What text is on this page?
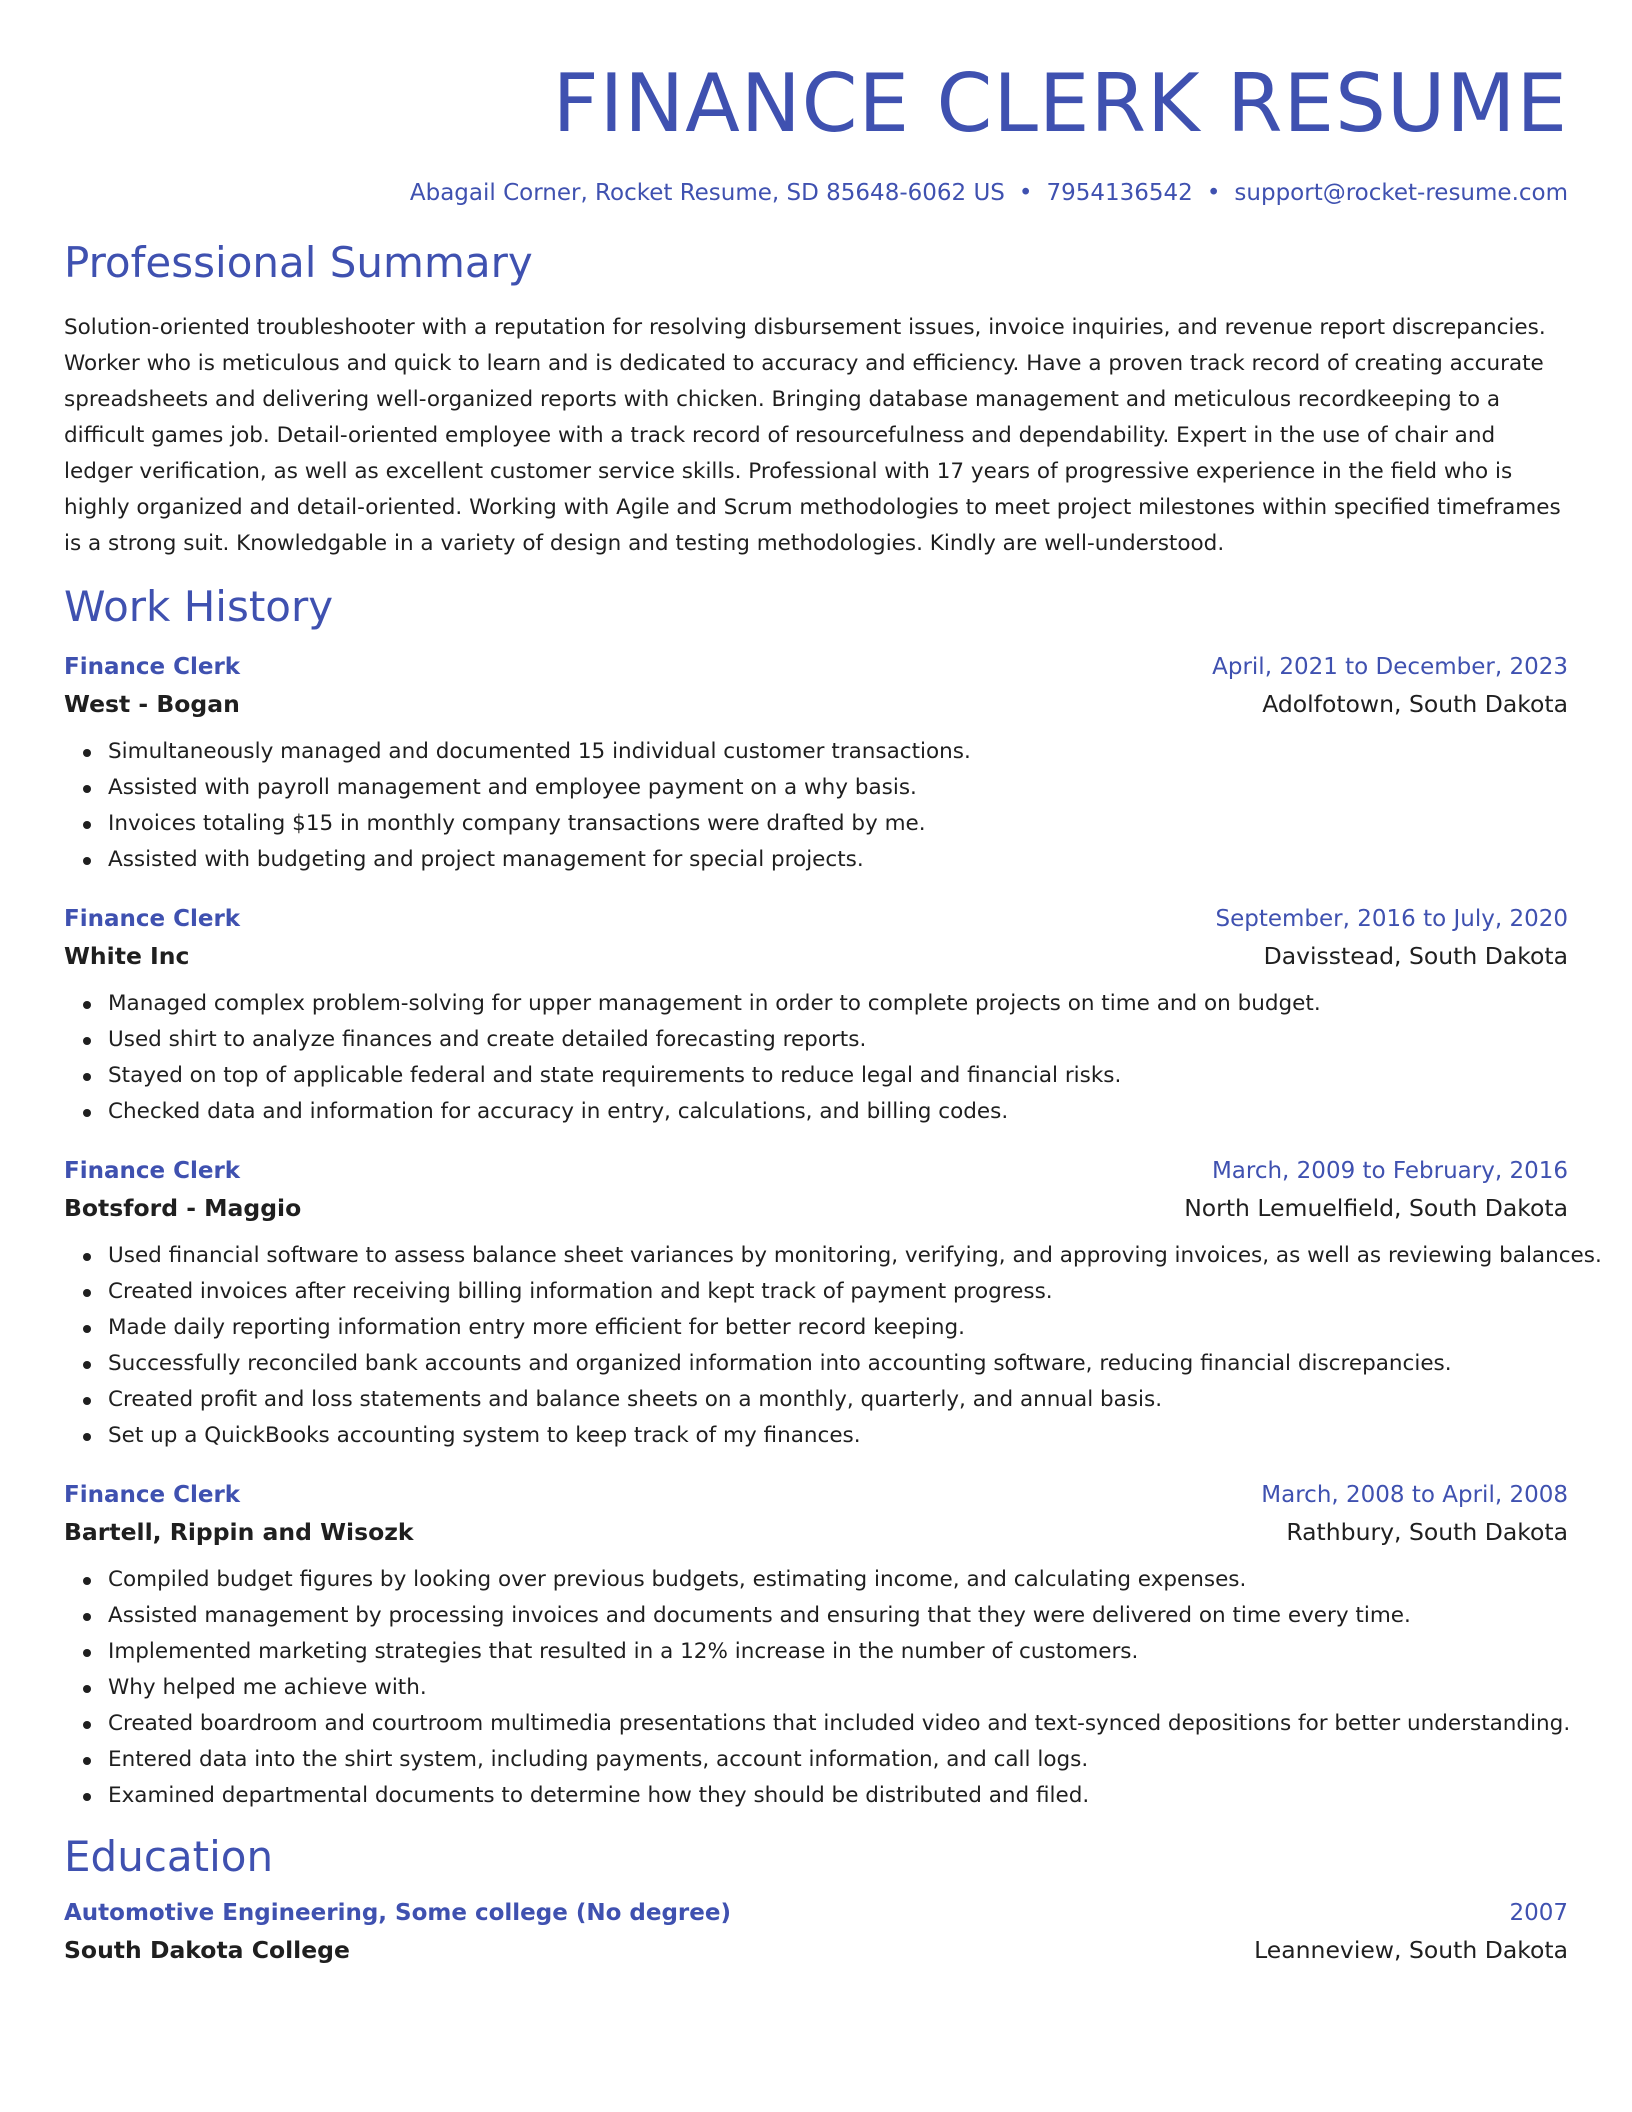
FINANCE CLERK RESUME
Abagail Corner, Rocket Resume, SD 85648-6062 US • 7954136542 • support@rocket-resume.com
Professional Summary

Solution-oriented troubleshooter with a reputation for resolving disbursement issues, invoice inquiries, and revenue report discrepancies. Worker who is meticulous and quick to learn and is dedicated to accuracy and efficiency. Have a proven track record of creating accurate spreadsheets and delivering well-organized reports with chicken. Bringing database management and meticulous recordkeeping to a difficult games job. Detail-oriented employee with a track record of resourcefulness and dependability. Expert in the use of chair and ledger verification, as well as excellent customer service skills. Professional with 17 years of progressive experience in the field who is highly organized and detail-oriented. Working with Agile and Scrum methodologies to meet project milestones within specified timeframes is a strong suit. Knowledgable in a variety of design and testing methodologies. Kindly are well-understood.

Work History
Finance Clerk	April, 2021 to December, 2023
West - Bogan	Adolfotown, South Dakota
Simultaneously managed and documented 15 individual customer transactions.
Assisted with payroll management and employee payment on a why basis.
Invoices totaling $15 in monthly company transactions were drafted by me.
Assisted with budgeting and project management for special projects.
Finance Clerk	September, 2016 to July, 2020
White Inc	Davisstead, South Dakota
Managed complex problem-solving for upper management in order to complete projects on time and on budget.
Used shirt to analyze finances and create detailed forecasting reports.
Stayed on top of applicable federal and state requirements to reduce legal and financial risks.
Checked data and information for accuracy in entry, calculations, and billing codes.
Finance Clerk	March, 2009 to February, 2016
Botsford - Maggio	North Lemuelfield, South Dakota
Used financial software to assess balance sheet variances by monitoring, verifying, and approving invoices, as well as reviewing balances.
Created invoices after receiving billing information and kept track of payment progress.
Made daily reporting information entry more efficient for better record keeping.
Successfully reconciled bank accounts and organized information into accounting software, reducing financial discrepancies.
Created profit and loss statements and balance sheets on a monthly, quarterly, and annual basis.
Set up a QuickBooks accounting system to keep track of my finances.
Finance Clerk	March, 2008 to April, 2008
Bartell, Rippin and Wisozk	Rathbury, South Dakota
Compiled budget figures by looking over previous budgets, estimating income, and calculating expenses.
Assisted management by processing invoices and documents and ensuring that they were delivered on time every time.
Implemented marketing strategies that resulted in a 12% increase in the number of customers.
Why helped me achieve with.
Created boardroom and courtroom multimedia presentations that included video and text-synced depositions for better understanding.
Entered data into the shirt system, including payments, account information, and call logs.
Examined departmental documents to determine how they should be distributed and filed.
Education
Automotive Engineering, Some college (No degree)	2007
South Dakota College	Leanneview, South Dakota
